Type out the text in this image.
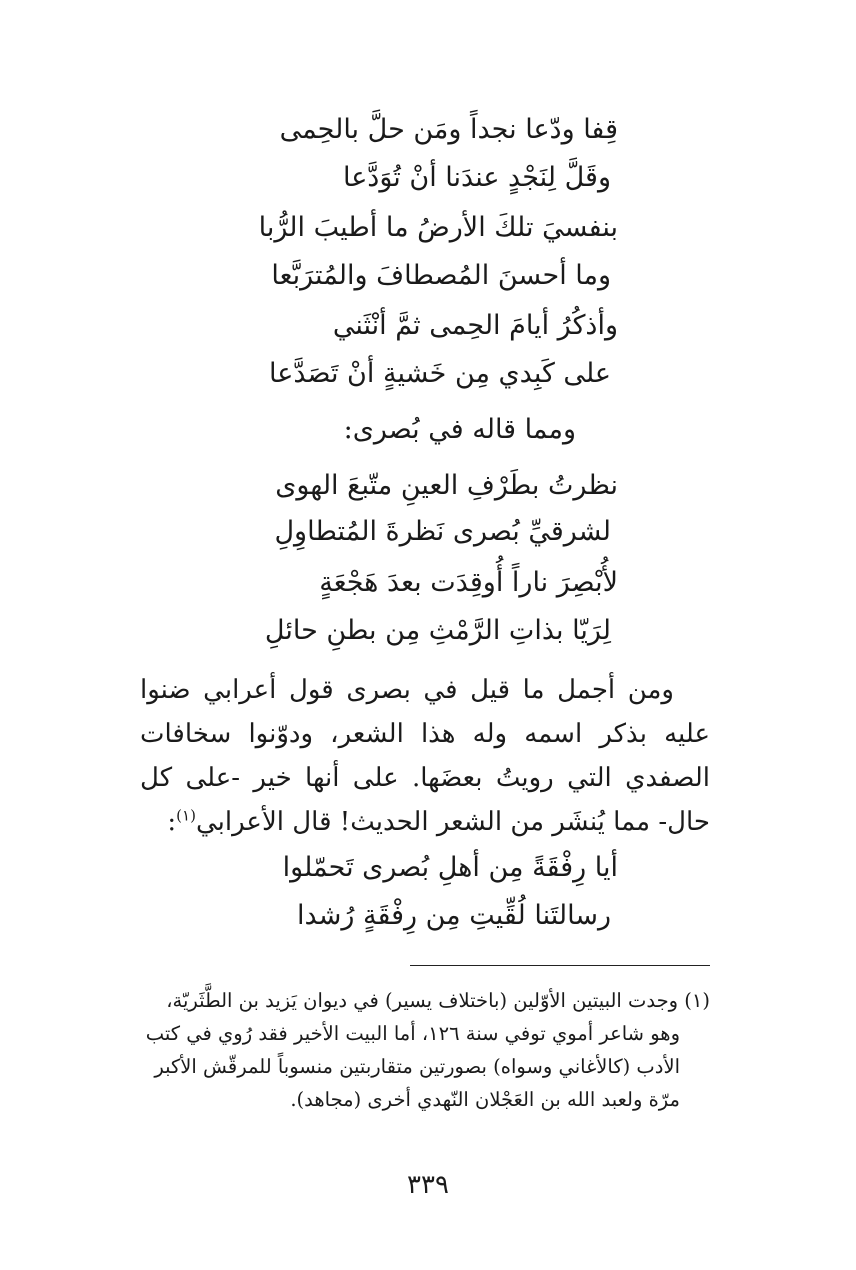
قِفا ودّعا نجداً ومَن حلَّ بالحِمى
وقَلَّ لِنَجْدٍ عندَنا أنْ تُوَدَّعا
بنفسيَ تلكَ الأرضُ ما أطيبَ الرُّبا
وما أحسنَ المُصطافَ والمُترَبَّعا
وأذكُرُ أيامَ الحِمى ثمَّ أنْثَني
على كَبِدي مِن خَشيةٍ أنْ تَصَدَّعا
ومما قاله في بُصرى:
نظرتُ بطَرْفِ العينِ متّبعَ الهوى
لشرقيِّ بُصرى نَظرةَ المُتطاوِلِ
لأُبْصِرَ ناراً أُوقِدَت بعدَ هَجْعَةٍ
لِرَيّا بذاتِ الرَّمْثِ مِن بطنِ حائلِ

ومن أجمل ما قيل في بصرى قول أعرابي ضنوا عليه بذكر اسمه وله هذا الشعر، ودوّنوا سخافات الصفدي التي رويتُ بعضَها. على أنها خير -على كل حال- مما يُنشَر من الشعر الحديث! قال الأعرابي$^{(١)}$:

أيا رِفْقَةً مِن أهلِ بُصرى تَحمّلوا
رسالتَنا لُقِّيتِ مِن رِفْقَةٍ رُشدا
(١) وجدت البيتين الأوّلين (باختلاف يسير) في ديوان يَزيد بن الطَّثَريّة،
وهو شاعر أموي توفي سنة ١٢٦، أما البيت الأخير فقد رُوي في كتب
الأدب (كالأغاني وسواه) بصورتين متقاربتين منسوباً للمرقّش الأكبر
مرّة ولعبد الله بن العَجْلان النّهدي أخرى (مجاهد).
٣٣٩
